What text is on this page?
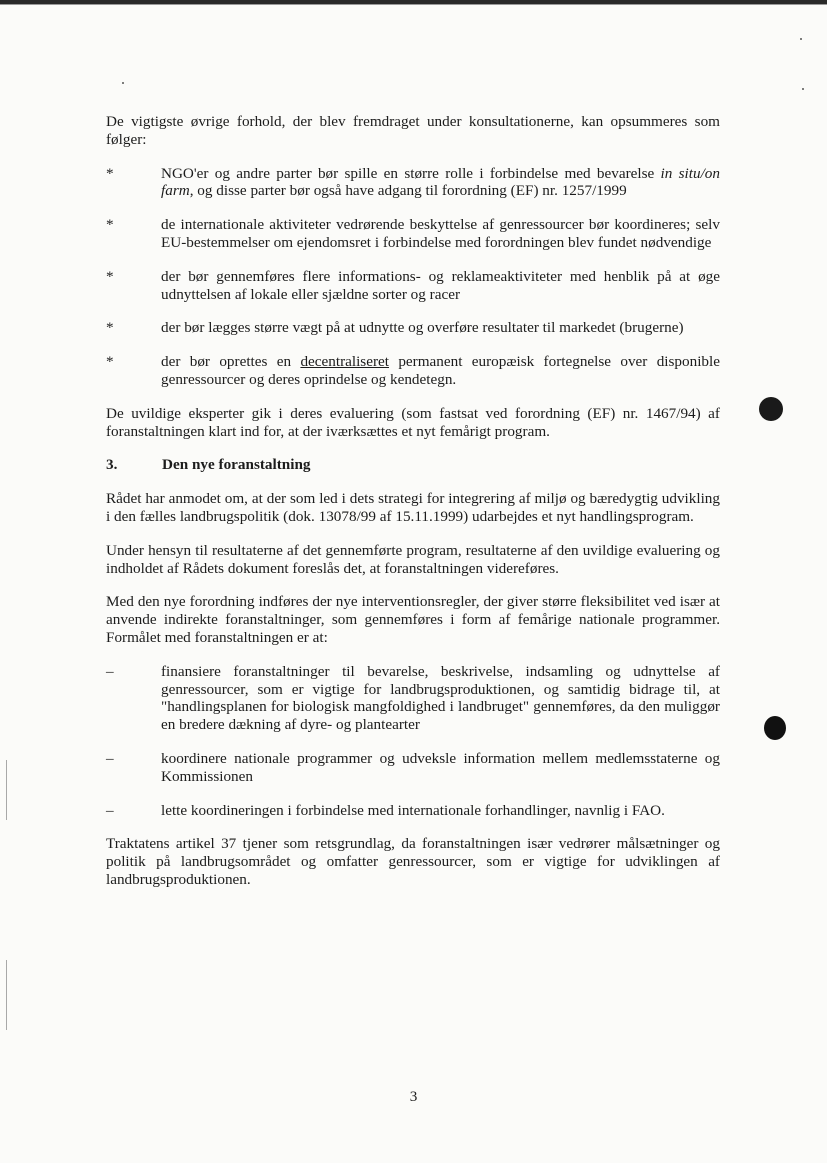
De vigtigste øvrige forhold, der blev fremdraget under konsultationerne, kan opsummeres som følger:

*	NGO'er og andre parter bør spille en større rolle i forbindelse med bevarelse in situ/on farm, og disse parter bør også have adgang til forordning (EF) nr. 1257/1999
*	de internationale aktiviteter vedrørende beskyttelse af genressourcer bør koordineres; selv EU-bestemmelser om ejendomsret i forbindelse med forordningen blev fundet nødvendige
*	der bør gennemføres flere informations- og reklameaktiviteter med henblik på at øge udnyttelsen af lokale eller sjældne sorter og racer
*	der bør lægges større vægt på at udnytte og overføre resultater til markedet (brugerne)
*	der bør oprettes en decentraliseret permanent europæisk fortegnelse over disponible genressourcer og deres oprindelse og kendetegn.

De uvildige eksperter gik i deres evaluering (som fastsat ved forordning (EF) nr. 1467/94) af foranstaltningen klart ind for, at der iværksættes et nyt femårigt program.

3.	Den nye foranstaltning

Rådet har anmodet om, at der som led i dets strategi for integrering af miljø og bæredygtig udvikling i den fælles landbrugspolitik (dok. 13078/99 af 15.11.1999) udarbejdes et nyt handlingsprogram.

Under hensyn til resultaterne af det gennemførte program, resultaterne af den uvildige evaluering og indholdet af Rådets dokument foreslås det, at foranstaltningen videreføres.

Med den nye forordning indføres der nye interventionsregler, der giver større fleksibilitet ved især at anvende indirekte foranstaltninger, som gennemføres i form af femårige nationale programmer. Formålet med foranstaltningen er at:

–	finansiere foranstaltninger til bevarelse, beskrivelse, indsamling og udnyttelse af genressourcer, som er vigtige for landbrugsproduktionen, og samtidig bidrage til, at "handlingsplanen for biologisk mangfoldighed i landbruget" gennemføres, da den muliggør en bredere dækning af dyre- og plantearter
–	koordinere nationale programmer og udveksle information mellem medlemsstaterne og Kommissionen
–	lette koordineringen i forbindelse med internationale forhandlinger, navnlig i FAO.

Traktatens artikel 37 tjener som retsgrundlag, da foranstaltningen især vedrører målsætninger og politik på landbrugsområdet og omfatter genressourcer, som er vigtige for udviklingen af landbrugsproduktionen.

3
